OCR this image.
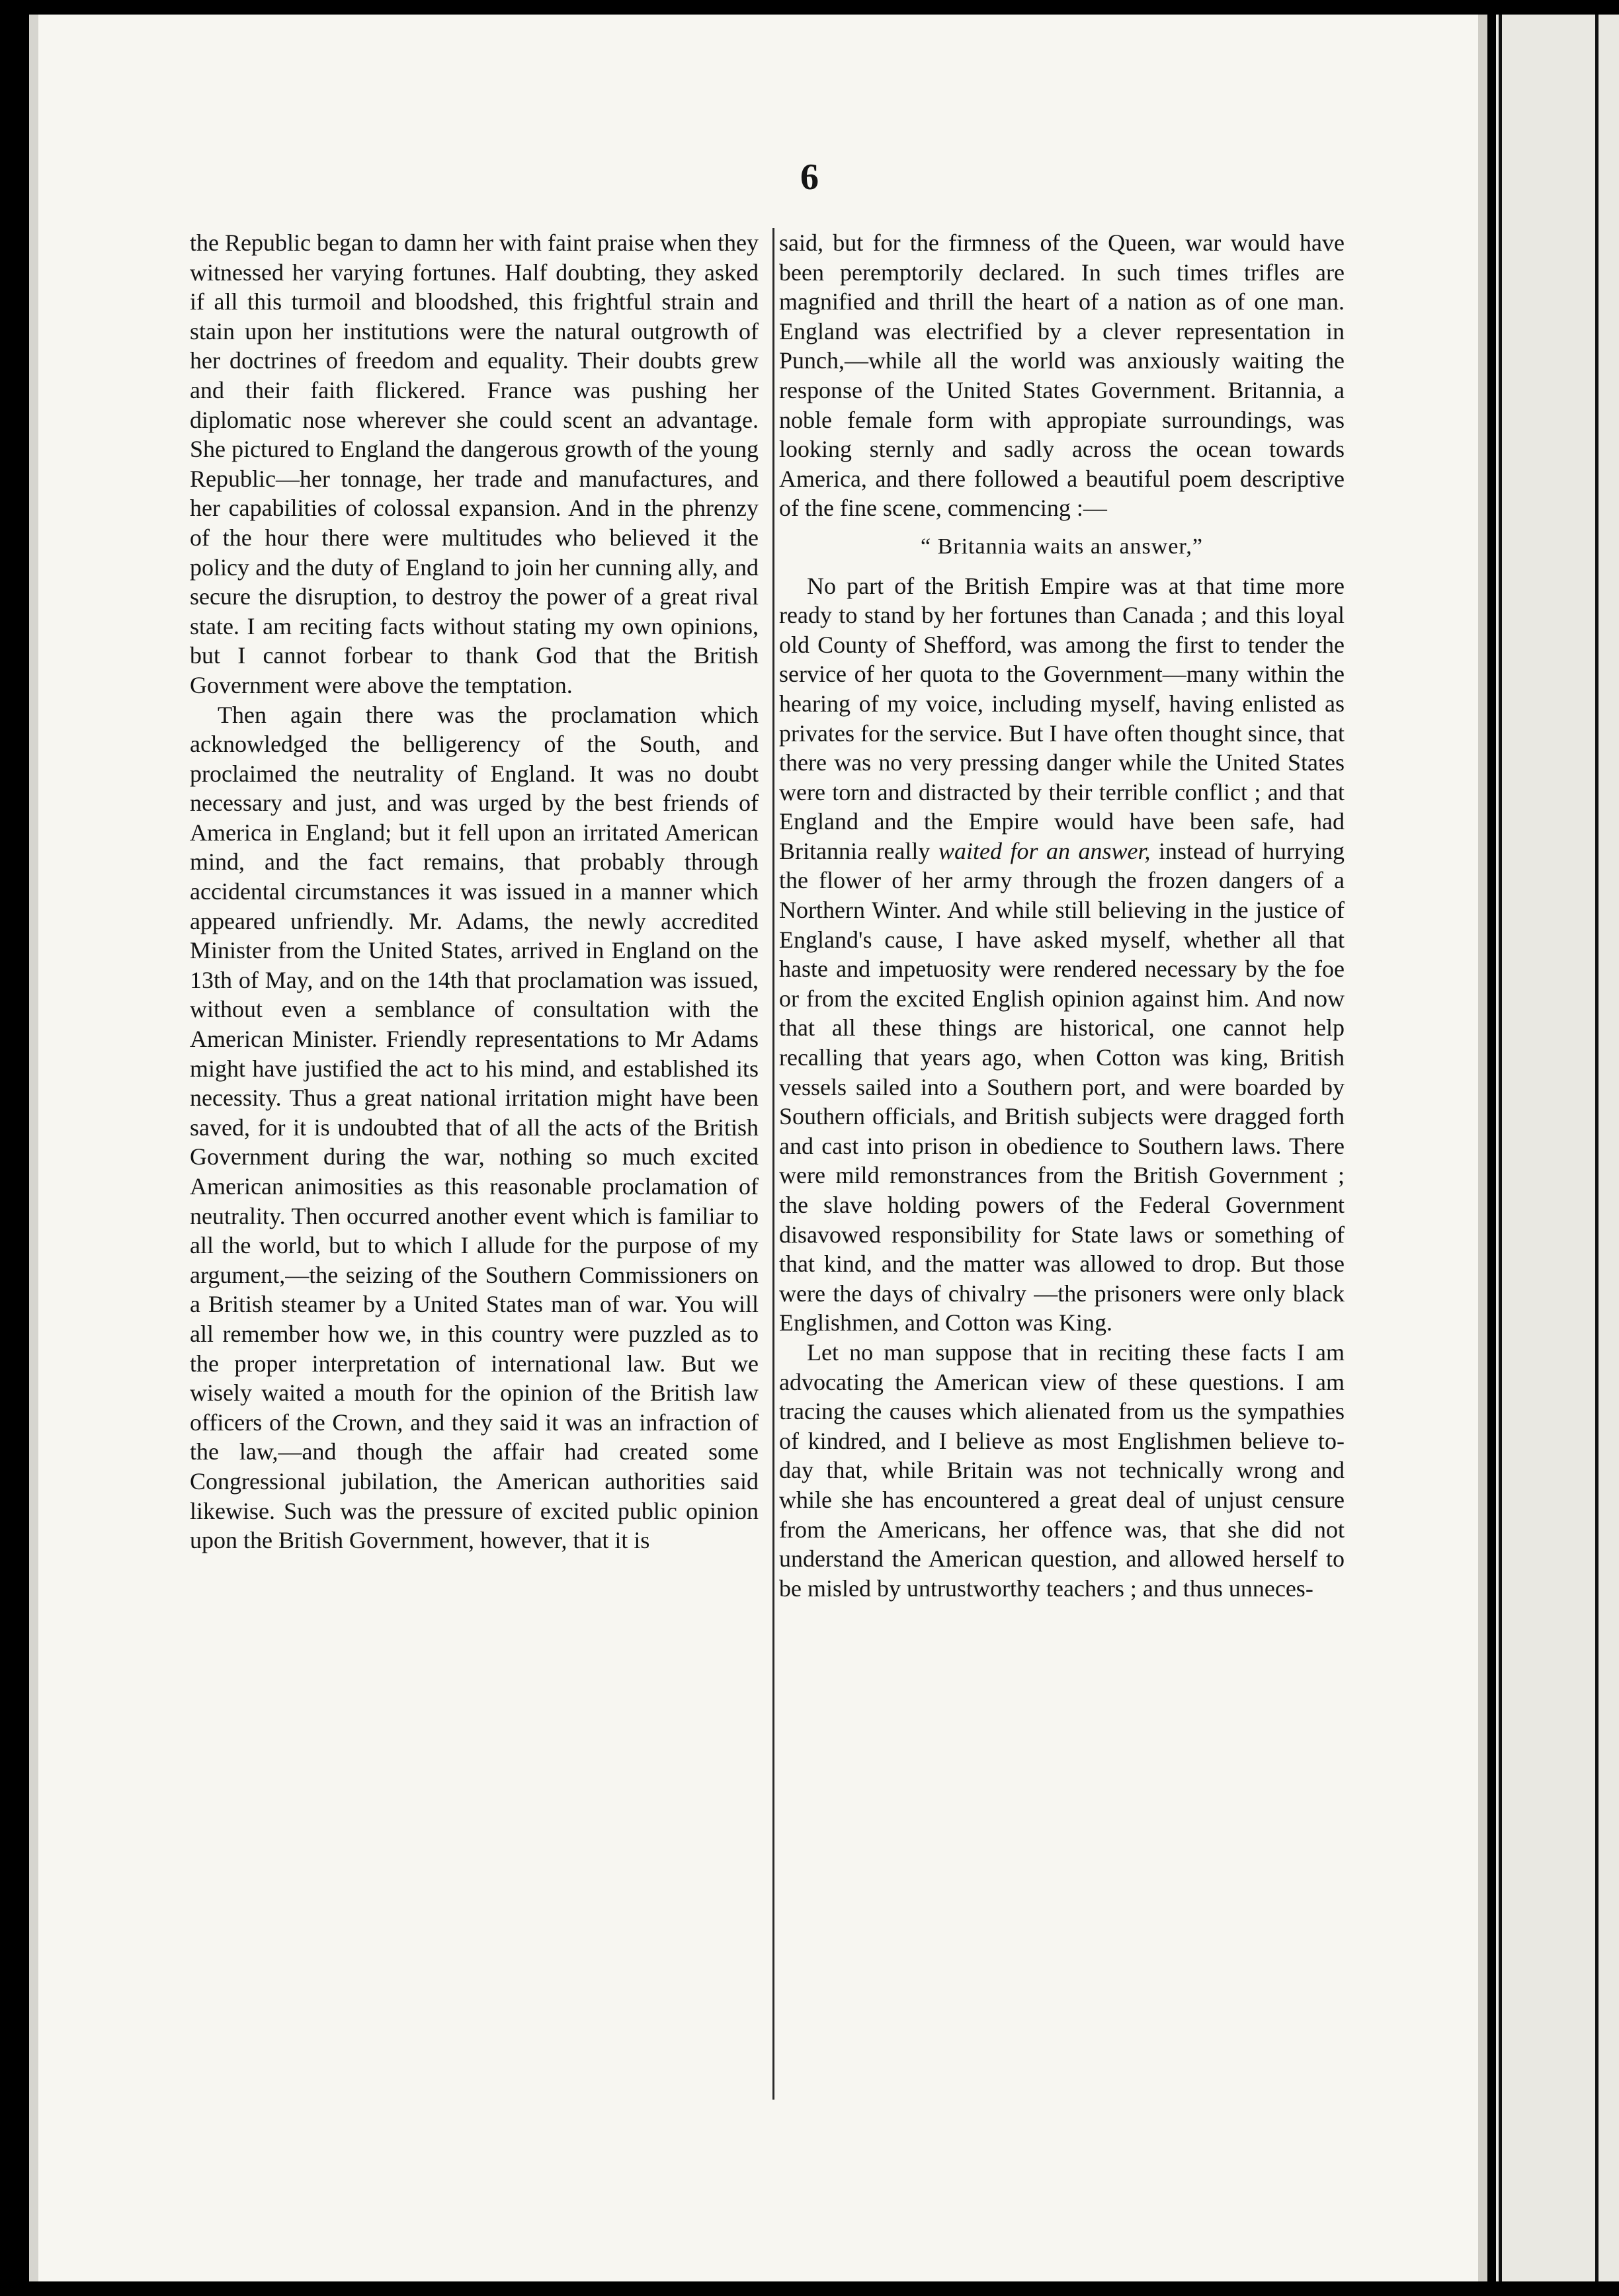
6

the Republic began to damn her with faint praise when they witnessed her varying fortunes. Half doubting, they asked if all this turmoil and bloodshed, this frightful strain and stain upon her institutions were the natural outgrowth of her doctrines of freedom and equality. Their doubts grew and their faith flickered. France was pushing her diplomatic nose wherever she could scent an advantage. She pictured to England the dangerous growth of the young Republic—her tonnage, her trade and manufactures, and her capabilities of colossal expansion. And in the phrenzy of the hour there were multitudes who believed it the policy and the duty of England to join her cunning ally, and secure the disruption, to destroy the power of a great rival state. I am reciting facts without stating my own opinions, but I cannot forbear to thank God that the British Government were above the temptation.

Then again there was the proclamation which acknowledged the belligerency of the South, and proclaimed the neutrality of England. It was no doubt necessary and just, and was urged by the best friends of America in England; but it fell upon an irritated American mind, and the fact remains, that probably through accidental circumstances it was issued in a manner which appeared unfriendly. Mr. Adams, the newly accredited Minister from the United States, arrived in England on the 13th of May, and on the 14th that proclamation was issued, without even a semblance of consultation with the American Minister. Friendly representations to Mr Adams might have justified the act to his mind, and established its necessity. Thus a great national irritation might have been saved, for it is undoubted that of all the acts of the British Government during the war, nothing so much excited American animosities as this reasonable proclamation of neutrality. Then occurred another event which is familiar to all the world, but to which I allude for the purpose of my argument,—the seizing of the Southern Commissioners on a British steamer by a United States man of war. You will all remember how we, in this country were puzzled as to the proper interpretation of international law. But we wisely waited a mouth for the opinion of the British law officers of the Crown, and they said it was an infraction of the law,—and though the affair had created some Congressional jubilation, the American authorities said likewise. Such was the pressure of excited public opinion upon the British Government, however, that it is

said, but for the firmness of the Queen, war would have been peremptorily declared. In such times trifles are magnified and thrill the heart of a nation as of one man. England was electrified by a clever representation in Punch,—while all the world was anxiously waiting the response of the United States Government. Britannia, a noble female form with appropiate surroundings, was looking sternly and sadly across the ocean towards America, and there followed a beautiful poem descriptive of the fine scene, commencing :—

“ Britannia waits an answer,”

No part of the British Empire was at that time more ready to stand by her fortunes than Canada ; and this loyal old County of Shefford, was among the first to tender the service of her quota to the Government—many within the hearing of my voice, including myself, having enlisted as privates for the service. But I have often thought since, that there was no very pressing danger while the United States were torn and distracted by their terrible conflict ; and that England and the Empire would have been safe, had Britannia really waited for an answer, instead of hurrying the flower of her army through the frozen dangers of a Northern Winter. And while still believing in the justice of England's cause, I have asked myself, whether all that haste and impetuosity were rendered necessary by the foe or from the excited English opinion against him. And now that all these things are historical, one cannot help recalling that years ago, when Cotton was king, British vessels sailed into a Southern port, and were boarded by Southern officials, and British subjects were dragged forth and cast into prison in obedience to Southern laws. There were mild remonstrances from the British Government ; the slave holding powers of the Federal Government disavowed responsibility for State laws or something of that kind, and the matter was allowed to drop. But those were the days of chivalry —the prisoners were only black Englishmen, and Cotton was King.

Let no man suppose that in reciting these facts I am advocating the American view of these questions. I am tracing the causes which alienated from us the sympathies of kindred, and I believe as most Englishmen believe to-day that, while Britain was not technically wrong and while she has encountered a great deal of unjust censure from the Americans, her offence was, that she did not understand the American question, and allowed herself to be misled by untrustworthy teachers ; and thus unneces-
